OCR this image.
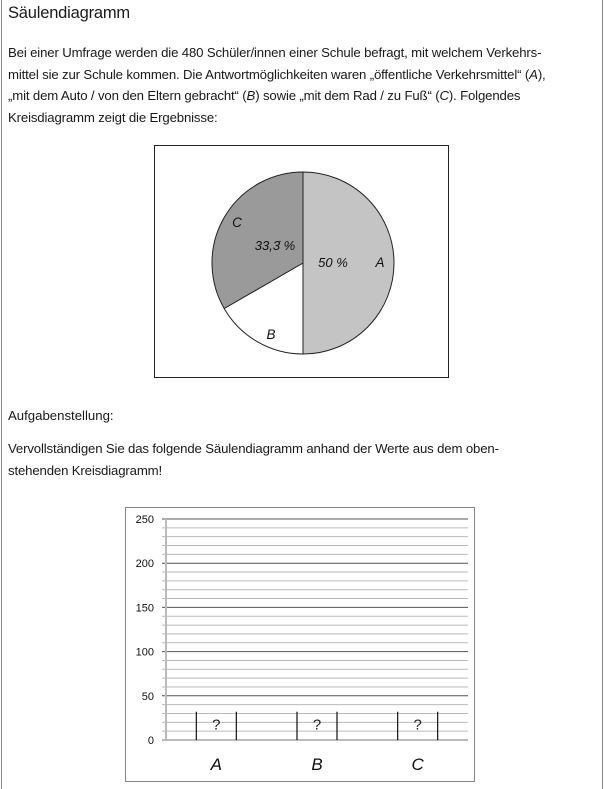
Säulendiagramm
Bei einer Umfrage werden die 480 Schüler/innen einer Schule befragt, mit welchem Verkehrs-
mittel sie zur Schule kommen. Die Antwortmöglichkeiten waren „öffentliche Verkehrsmittel“ (A),
„mit dem Auto / von den Eltern gebracht“ (B) sowie „mit dem Rad / zu Fuß“ (C). Folgendes
Kreisdiagramm zeigt die Ergebnisse:
A
50 %
B
C
33,3̇ %
Aufgabenstellung:
Vervollständigen Sie das folgende Säulendiagramm anhand der Werte aus dem oben-
stehenden Kreisdiagramm!
0
50
100
150
200
250
?
A
?
B
?
C
